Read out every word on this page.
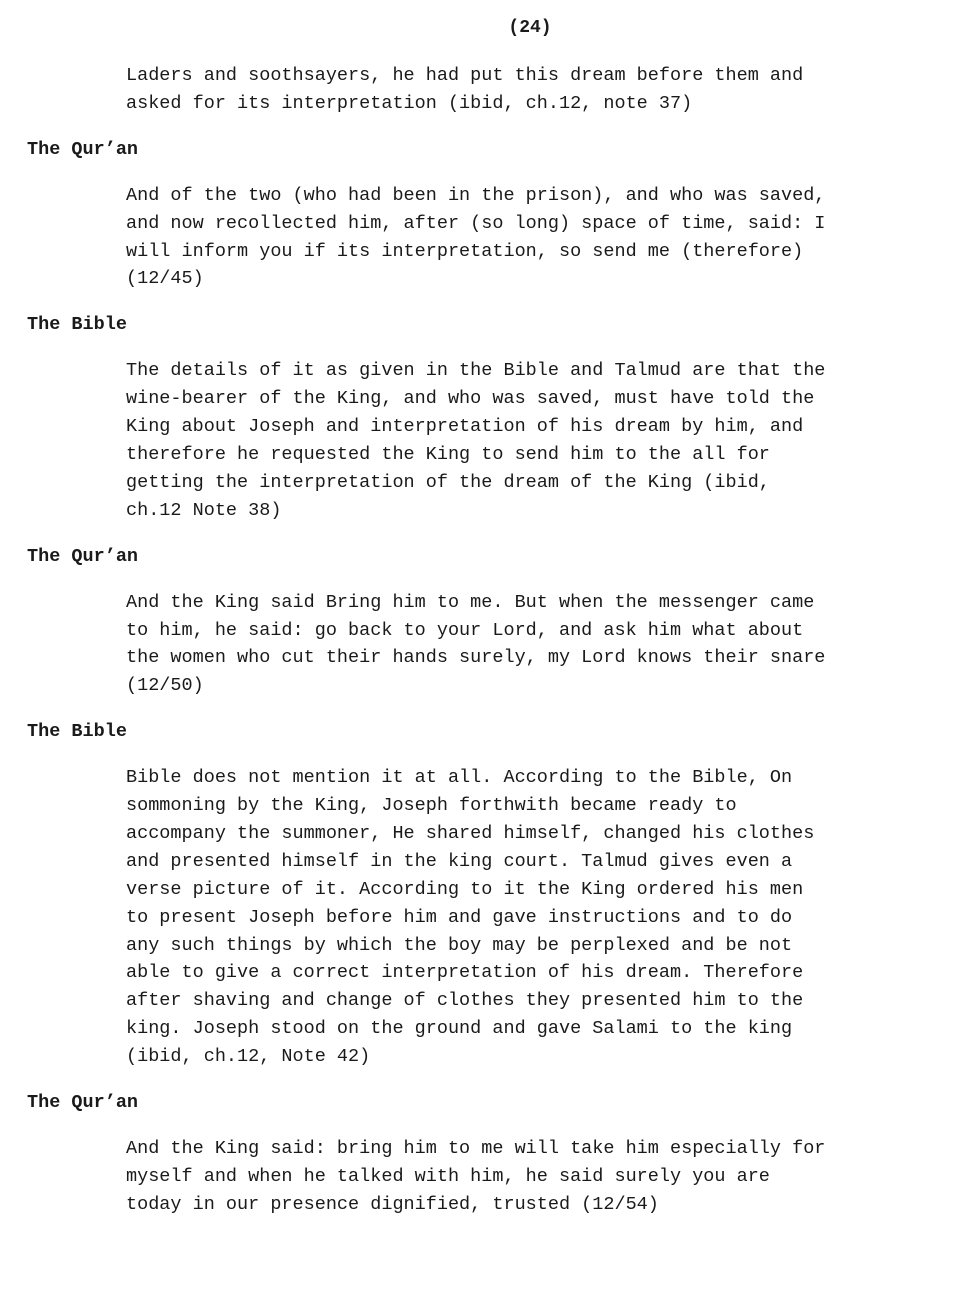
(24)

Laders and soothsayers, he had put this dream before them and
asked for its interpretation (ibid, ch.12, note 37)

The Qur’an

And of the two (who had been in the prison), and who was saved,
and now recollected him, after (so long) space of time, said: I
will inform you if its interpretation, so send me (therefore)
(12/45)

The Bible

The details of it as given in the Bible and Talmud are that the
wine-bearer of the King, and who was saved, must have told the
King about Joseph and interpretation of his dream by him, and
therefore he requested the King to send him to the all for
getting the interpretation of the dream of the King (ibid,
ch.12 Note 38)

The Qur’an

And the King said Bring him to me. But when the messenger came
to him, he said: go back to your Lord, and ask him what about
the women who cut their hands surely, my Lord knows their snare
(12/50)

The Bible

Bible does not mention it at all. According to the Bible, On
sommoning by the King, Joseph forthwith became ready to
accompany the summoner, He shared himself, changed his clothes
and presented himself in the king court. Talmud gives even a
verse picture of it. According to it the King ordered his men
to present Joseph before him and gave instructions and to do
any such things by which the boy may be perplexed and be not
able to give a correct interpretation of his dream. Therefore
after shaving and change of clothes they presented him to the
king. Joseph stood on the ground and gave Salami to the king
(ibid, ch.12, Note 42)

The Qur’an

And the King said: bring him to me will take him especially for
myself and when he talked with him, he said surely you are
today in our presence dignified, trusted (12/54)
